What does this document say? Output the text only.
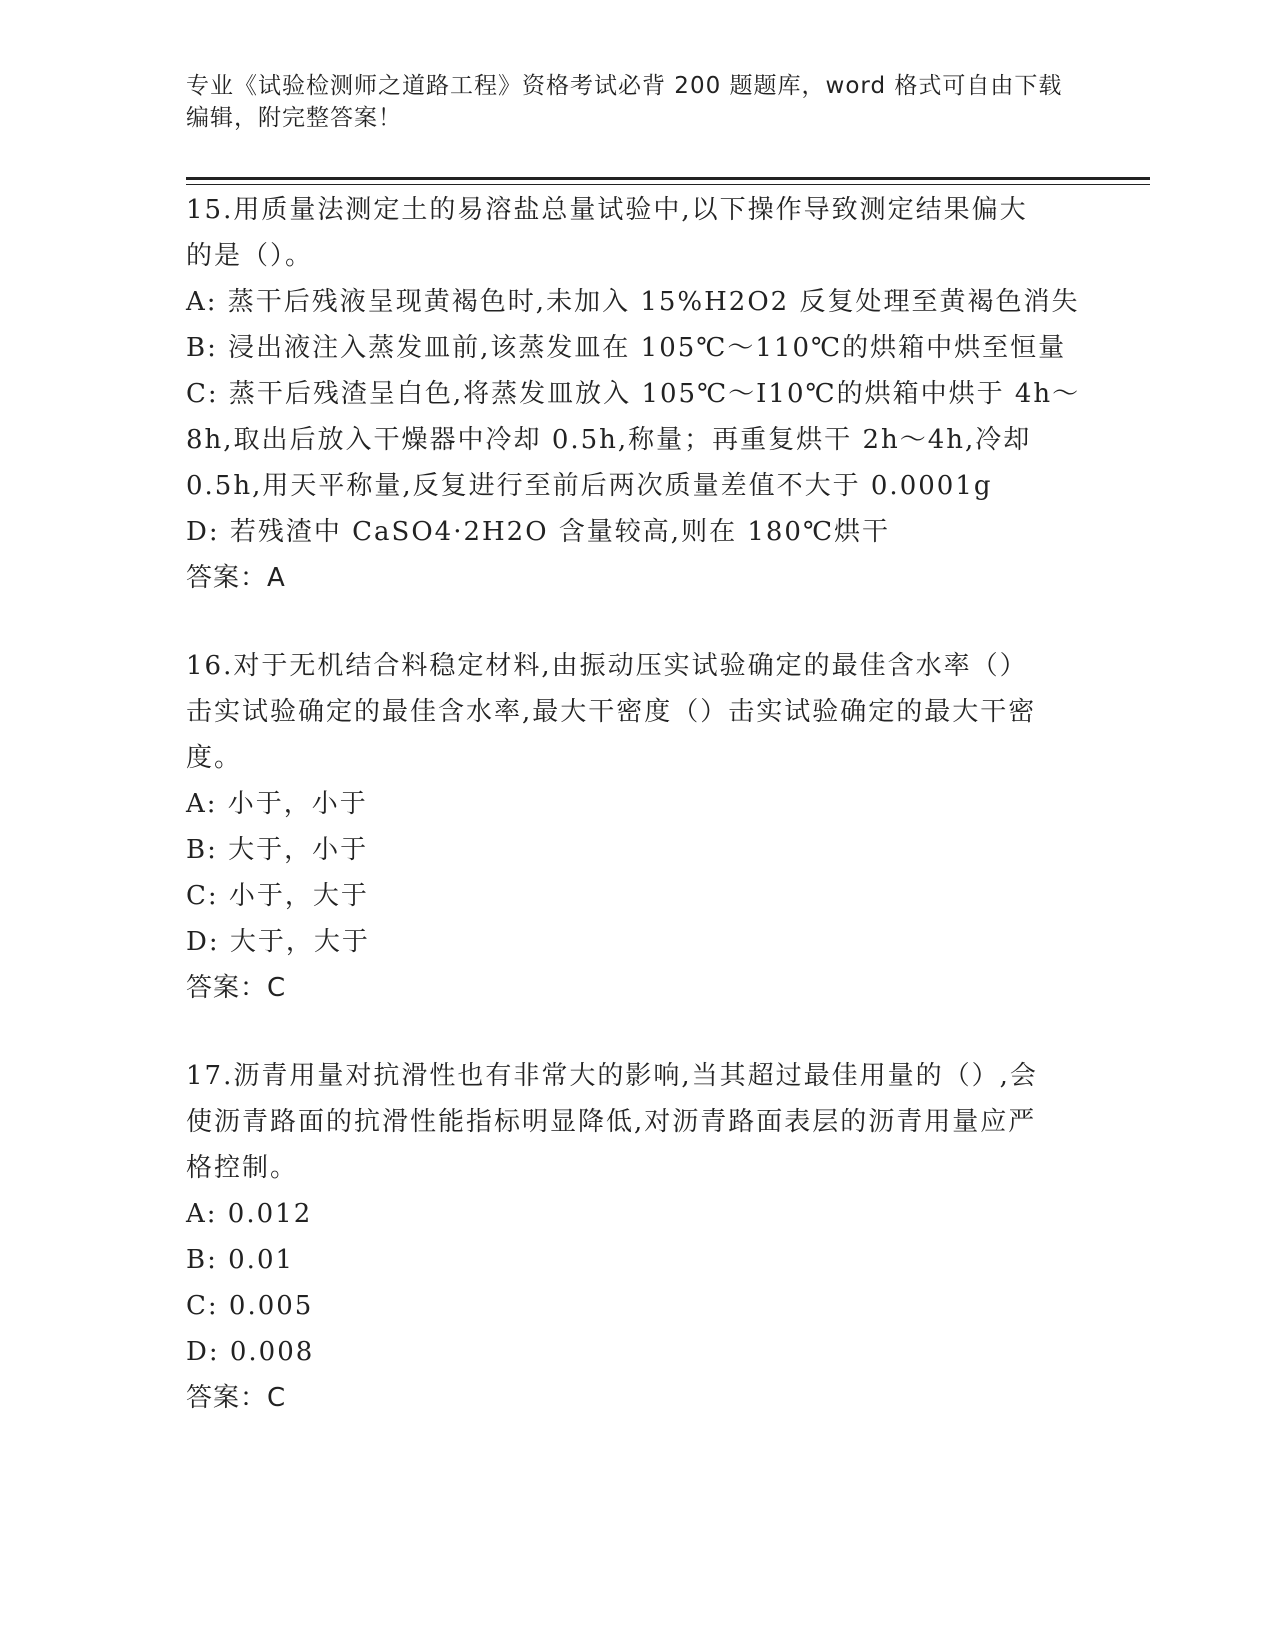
专业《试验检测师之道路工程》资格考试必背 200 题题库，word 格式可自由下载
编辑，附完整答案！
15.用质量法测定土的易溶盐总量试验中,以下操作导致测定结果偏大
的是（）。
A: 蒸干后残液呈现黄褐色时,未加入 15%H2O2 反复处理至黄褐色消失
B: 浸出液注入蒸发皿前,该蒸发皿在 105℃～110℃的烘箱中烘至恒量
C: 蒸干后残渣呈白色,将蒸发皿放入 105℃～I10℃的烘箱中烘于 4h～
8h,取出后放入干燥器中冷却 0.5h,称量；再重复烘干 2h～4h,冷却
0.5h,用天平称量,反复进行至前后两次质量差值不大于 0.0001g
D: 若残渣中 CaSO4·2H2O 含量较高,则在 180℃烘干
答案：A
16.对于无机结合料稳定材料,由振动压实试验确定的最佳含水率（）
击实试验确定的最佳含水率,最大干密度（）击实试验确定的最大干密
度。
A: 小于，小于
B: 大于，小于
C: 小于，大于
D: 大于，大于
答案：C
17.沥青用量对抗滑性也有非常大的影响,当其超过最佳用量的（）,会
使沥青路面的抗滑性能指标明显降低,对沥青路面表层的沥青用量应严
格控制。
A: 0.012
B: 0.01
C: 0.005
D: 0.008
答案：C
